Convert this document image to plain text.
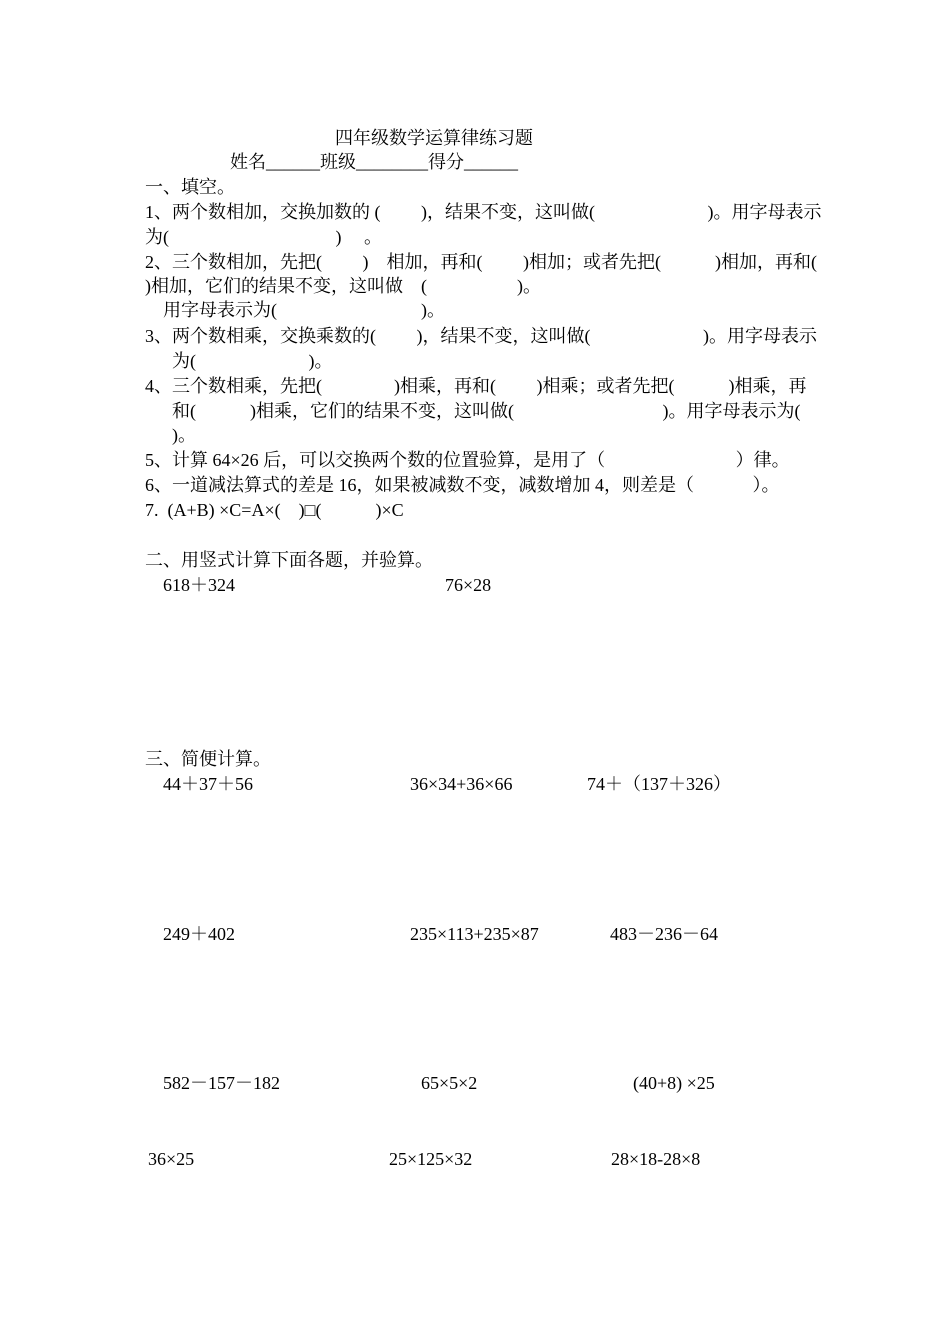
四年级数学运算律练习题
姓名______班级________得分______
一、填空。
1、两个数相加，交换加数的 (　　 )，结果不变，这叫做(　　　　　　 )。用字母表示
为(　　　　　　　　　 ) 　。
2、三个数相加，先把(　　 )　相加，再和(　　 )相加；或者先把(　　　)相加，再和(
)相加，它们的结果不变，这叫做　(　　　　　)。
用字母表示为(　　　　　　　　)。
3、两个数相乘，交换乘数的(　　 )，结果不变，这叫做(　　　　　　 )。用字母表示
为(　　　　　　 )。
4、三个数相乘，先把(　　　　)相乘，再和(　　 )相乘；或者先把(　　　)相乘，再
和(　　　)相乘，它们的结果不变，这叫做(　　　　　　　　 )。用字母表示为(
)。
5、计算 64×26 后，可以交换两个数的位置验算，是用了（　　　　　　　 ）律。
6、一道减法算式的差是 16，如果被减数不变，减数增加 4，则差是（　　　 ）。
7.  (A+B) ×C=A×(　)□(　　　)×C
二、用竖式计算下面各题，并验算。
618＋324	76×28
三、简便计算。
44＋37＋56	36×34+36×66	74＋（137＋326）
249＋402	235×113+235×87	483－236－64
582－157－182	65×5×2	(40+8) ×25
36×25	25×125×32	28×18-28×8
